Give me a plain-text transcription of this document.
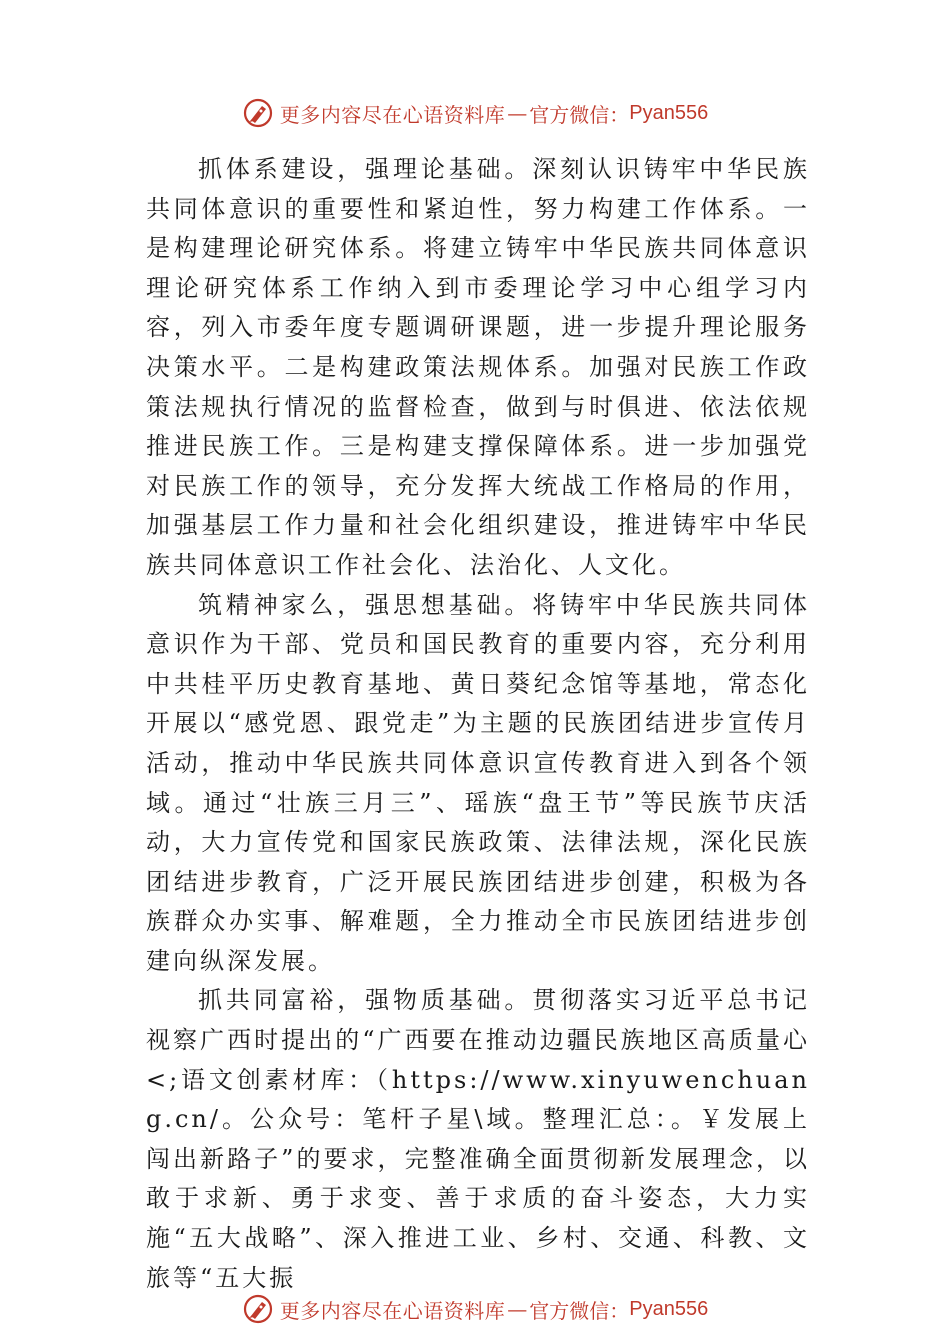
更多内容尽在心语资料库 — 官方微信： Pyan556

抓体系建设，强理论基础。深刻认识铸牢中华民族共同体意识的重要性和紧迫性，努力构建工作体系。一是构建理论研究体系。将建立铸牢中华民族共同体意识理论研究体系工作纳入到市委理论学习中心组学习内容，列入市委年度专题调研课题，进一步提升理论服务决策水平。二是构建政策法规体系。加强对民族工作政策法规执行情况的监督检查，做到与时俱进、依法依规推进民族工作。三是构建支撑保障体系。进一步加强党对民族工作的领导，充分发挥大统战工作格局的作用，加强基层工作力量和社会化组织建设，推进铸牢中华民族共同体意识工作社会化、法治化、人文化。

筑精神家么，强思想基础。将铸牢中华民族共同体意识作为干部、党员和国民教育的重要内容，充分利用中共桂平历史教育基地、黄日葵纪念馆等基地，常态化开展以“感党恩、跟党走”为主题的民族团结进步宣传月活动，推动中华民族共同体意识宣传教育进入到各个领域。通过“壮族三月三”、瑶族“盘王节”等民族节庆活动，大力宣传党和国家民族政策、法律法规，深化民族团结进步教育，广泛开展民族团结进步创建，积极为各族群众办实事、解难题，全力推动全市民族团结进步创建向纵深发展。

抓共同富裕，强物质基础。贯彻落实习近平总书记视察广西时提出的“广西要在推动边疆民族地区高质量心<;语文创素材库：（https://www.xinyuwenchuang.cn/。公众号：笔杆子星\域。整理汇总：。￥发展上闯出新路子”的要求，完整准确全面贯彻新发展理念，以敢于求新、勇于求变、善于求质的奋斗姿态，大力实施“五大战略”、深入推进工业、乡村、交通、科教、文旅等“五大振

更多内容尽在心语资料库 — 官方微信： Pyan556
